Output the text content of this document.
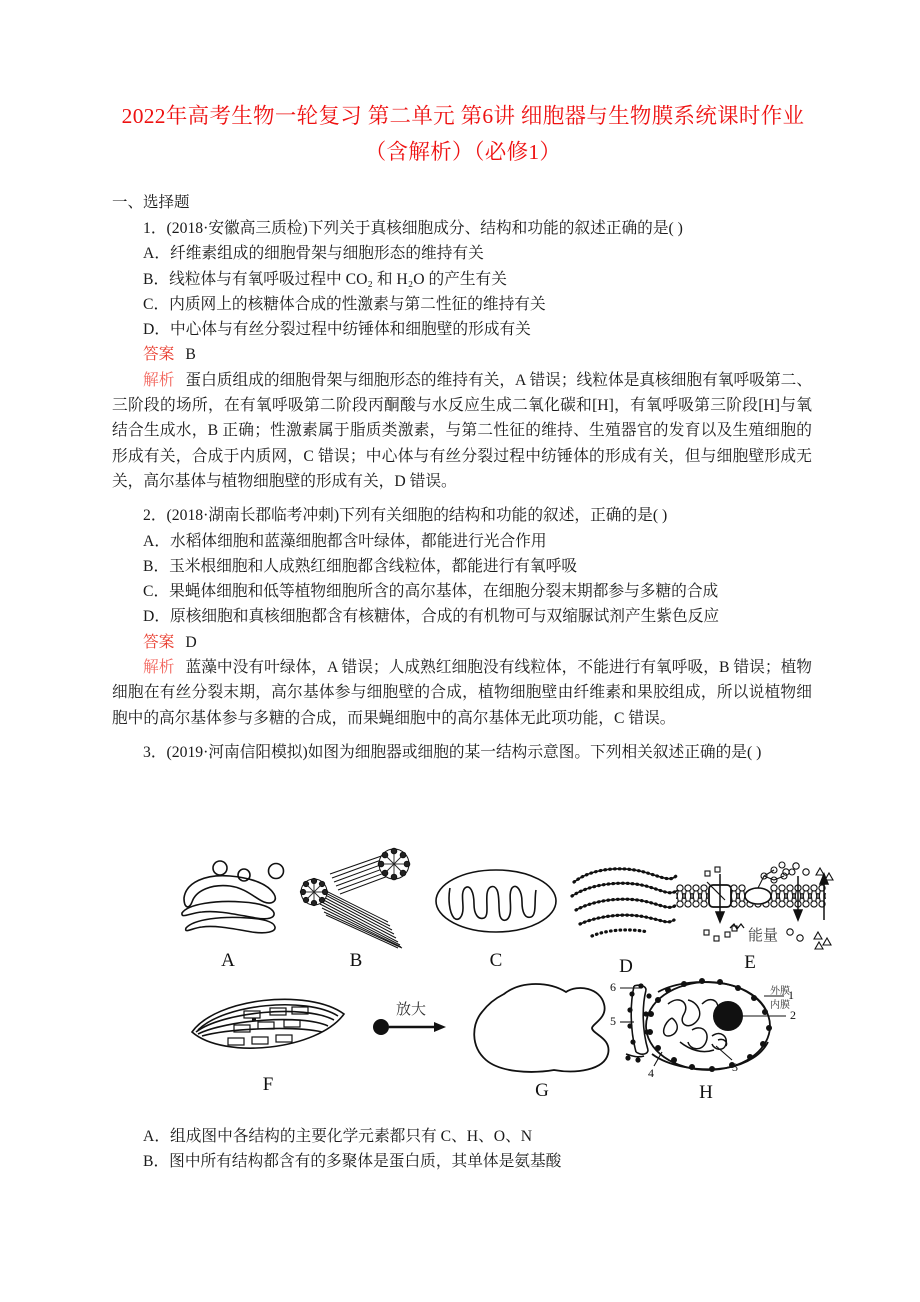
2022年高考生物一轮复习 第二单元 第6讲 细胞器与生物膜系统课时作业（含解析）（必修1）

一、选择题

1．(2018·安徽高三质检)下列关于真核细胞成分、结构和功能的叙述正确的是( )

A．纤维素组成的细胞骨架与细胞形态的维持有关

B．线粒体与有氧呼吸过程中 CO₂ 和 H₂O 的产生有关

C．内质网上的核糖体合成的性激素与第二性征的维持有关

D．中心体与有丝分裂过程中纺锤体和细胞壁的形成有关

答案 B

解析 蛋白质组成的细胞骨架与细胞形态的维持有关，A 错误；线粒体是真核细胞有氧呼吸第二、三阶段的场所，在有氧呼吸第二阶段丙酮酸与水反应生成二氧化碳和[H]，有氧呼吸第三阶段[H]与氧结合生成水，B 正确；性激素属于脂质类激素，与第二性征的维持、生殖器官的发育以及生殖细胞的形成有关，合成于内质网，C 错误；中心体与有丝分裂过程中纺锤体的形成有关，但与细胞壁形成无关，高尔基体与植物细胞壁的形成有关，D 错误。

2．(2018·湖南长郡临考冲刺)下列有关细胞的结构和功能的叙述，正确的是( )

A．水稻体细胞和蓝藻细胞都含叶绿体，都能进行光合作用

B．玉米根细胞和人成熟红细胞都含线粒体，都能进行有氧呼吸

C．果蝇体细胞和低等植物细胞所含的高尔基体，在细胞分裂末期都参与多糖的合成

D．原核细胞和真核细胞都含有核糖体，合成的有机物可与双缩脲试剂产生紫色反应

答案 D

解析 蓝藻中没有叶绿体，A 错误；人成熟红细胞没有线粒体，不能进行有氧呼吸，B 错误；植物细胞在有丝分裂末期，高尔基体参与细胞壁的合成，植物细胞壁由纤维素和果胶组成，所以说植物细胞中的高尔基体参与多糖的合成，而果蝇细胞中的高尔基体无此项功能，C 错误。

3．(2019·河南信阳模拟)如图为细胞器或细胞的某一结构示意图。下列相关叙述正确的是( )

A	B	C	D
能量
E
F
放大
G
外膜
内膜
1
2
3
4
5
6
H

A．组成图中各结构的主要化学元素都只有 C、H、O、N

B．图中所有结构都含有的多聚体是蛋白质，其单体是氨基酸
